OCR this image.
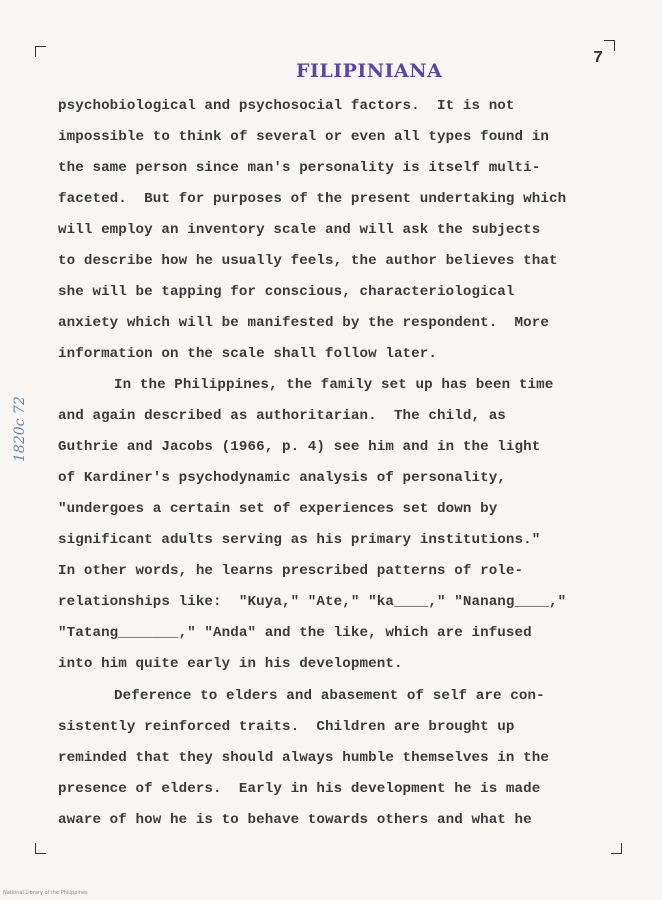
FILIPINIANA
7
1820c 72
psychobiological and psychosocial factors.  It is not
impossible to think of several or even all types found in
the same person since man's personality is itself multi-
faceted.  But for purposes of the present undertaking which
will employ an inventory scale and will ask the subjects
to describe how he usually feels, the author believes that
she will be tapping for conscious, characteriological
anxiety which will be manifested by the respondent.  More
information on the scale shall follow later.
In the Philippines, the family set up has been time
and again described as authoritarian.  The child, as
Guthrie and Jacobs (1966, p. 4) see him and in the light
of Kardiner's psychodynamic analysis of personality,
"undergoes a certain set of experiences set down by
significant adults serving as his primary institutions."
In other words, he learns prescribed patterns of role-
relationships like:  "Kuya," "Ate," "ka____," "Nanang____,"
"Tatang_______," "Anda" and the like, which are infused
into him quite early in his development.
Deference to elders and abasement of self are con-
sistently reinforced traits.  Children are brought up
reminded that they should always humble themselves in the
presence of elders.  Early in his development he is made
aware of how he is to behave towards others and what he
National Library of the Philippines
